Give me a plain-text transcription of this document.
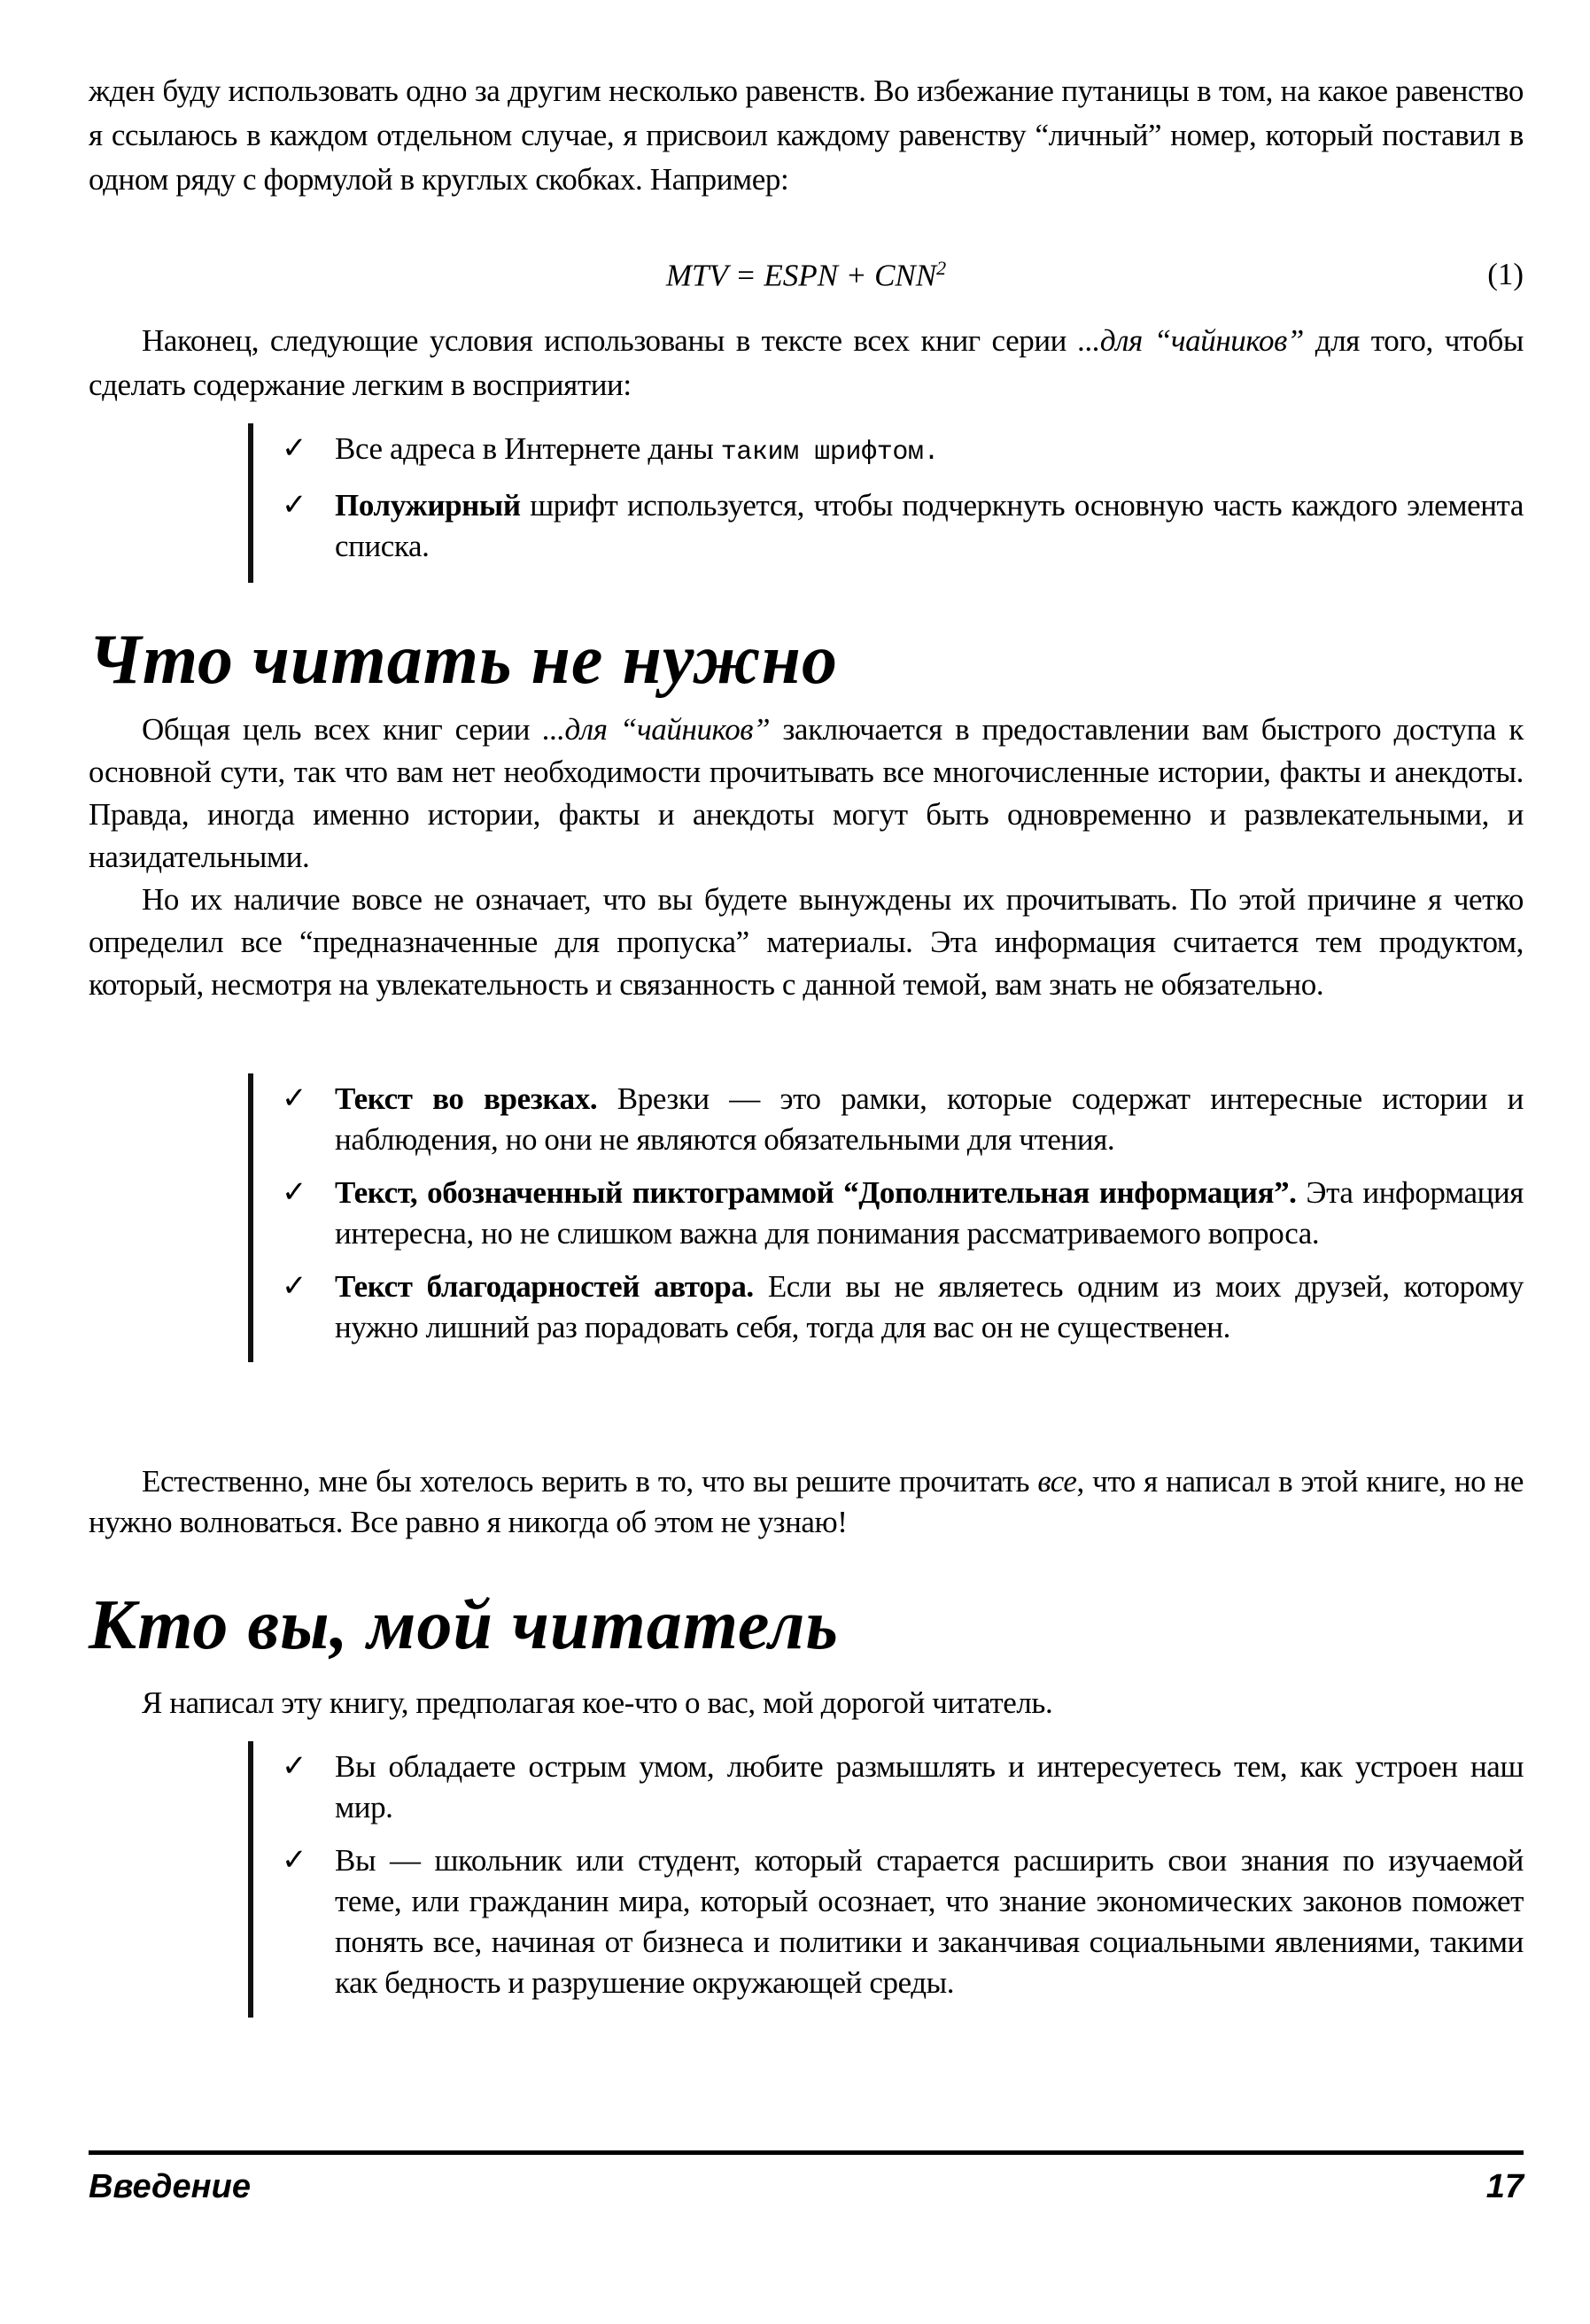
жден буду использовать одно за другим несколько равенств. Во избежание путаницы в том, на какое равенство я ссылаюсь в каждом отдельном случае, я присвоил каждому равенству “личный” номер, который поставил в одном ряду с формулой в круглых скобках. Например:
MTV = ESPN + $CNN^2$	(1)
Наконец, следующие условия использованы в тексте всех книг серии ...для “чайников” для того, чтобы сделать содержание легким в восприятии:
✓ Все адреса в Интернете даны таким шрифтом.
✓ Полужирный шрифт используется, чтобы подчеркнуть основную часть каждого элемента списка.
Что читать не нужно
Общая цель всех книг серии ...для “чайников” заключается в предоставлении вам быстрого доступа к основной сути, так что вам нет необходимости прочитывать все многочисленные истории, факты и анекдоты. Правда, иногда именно истории, факты и анекдоты могут быть одновременно и развлекательными, и назидательными.
Но их наличие вовсе не означает, что вы будете вынуждены их прочитывать. По этой причине я четко определил все “предназначенные для пропуска” материалы. Эта информация считается тем продуктом, который, несмотря на увлекательность и связанность с данной темой, вам знать не обязательно.
✓ Текст во врезках. Врезки — это рамки, которые содержат интересные истории и наблюдения, но они не являются обязательными для чтения.
✓ Текст, обозначенный пиктограммой “Дополнительная информация”. Эта информация интересна, но не слишком важна для понимания рассматриваемого вопроса.
✓ Текст благодарностей автора. Если вы не являетесь одним из моих друзей, которому нужно лишний раз порадовать себя, тогда для вас он не существенен.
Естественно, мне бы хотелось верить в то, что вы решите прочитать все, что я написал в этой книге, но не нужно волноваться. Все равно я никогда об этом не узнаю!
Кто вы, мой читатель
Я написал эту книгу, предполагая кое-что о вас, мой дорогой читатель.
✓ Вы обладаете острым умом, любите размышлять и интересуетесь тем, как устроен наш мир.
✓ Вы — школьник или студент, который старается расширить свои знания по изучаемой теме, или гражданин мира, который осознает, что знание экономических законов поможет понять все, начиная от бизнеса и политики и заканчивая социальными явлениями, такими как бедность и разрушение окружающей среды.
Введение	17
